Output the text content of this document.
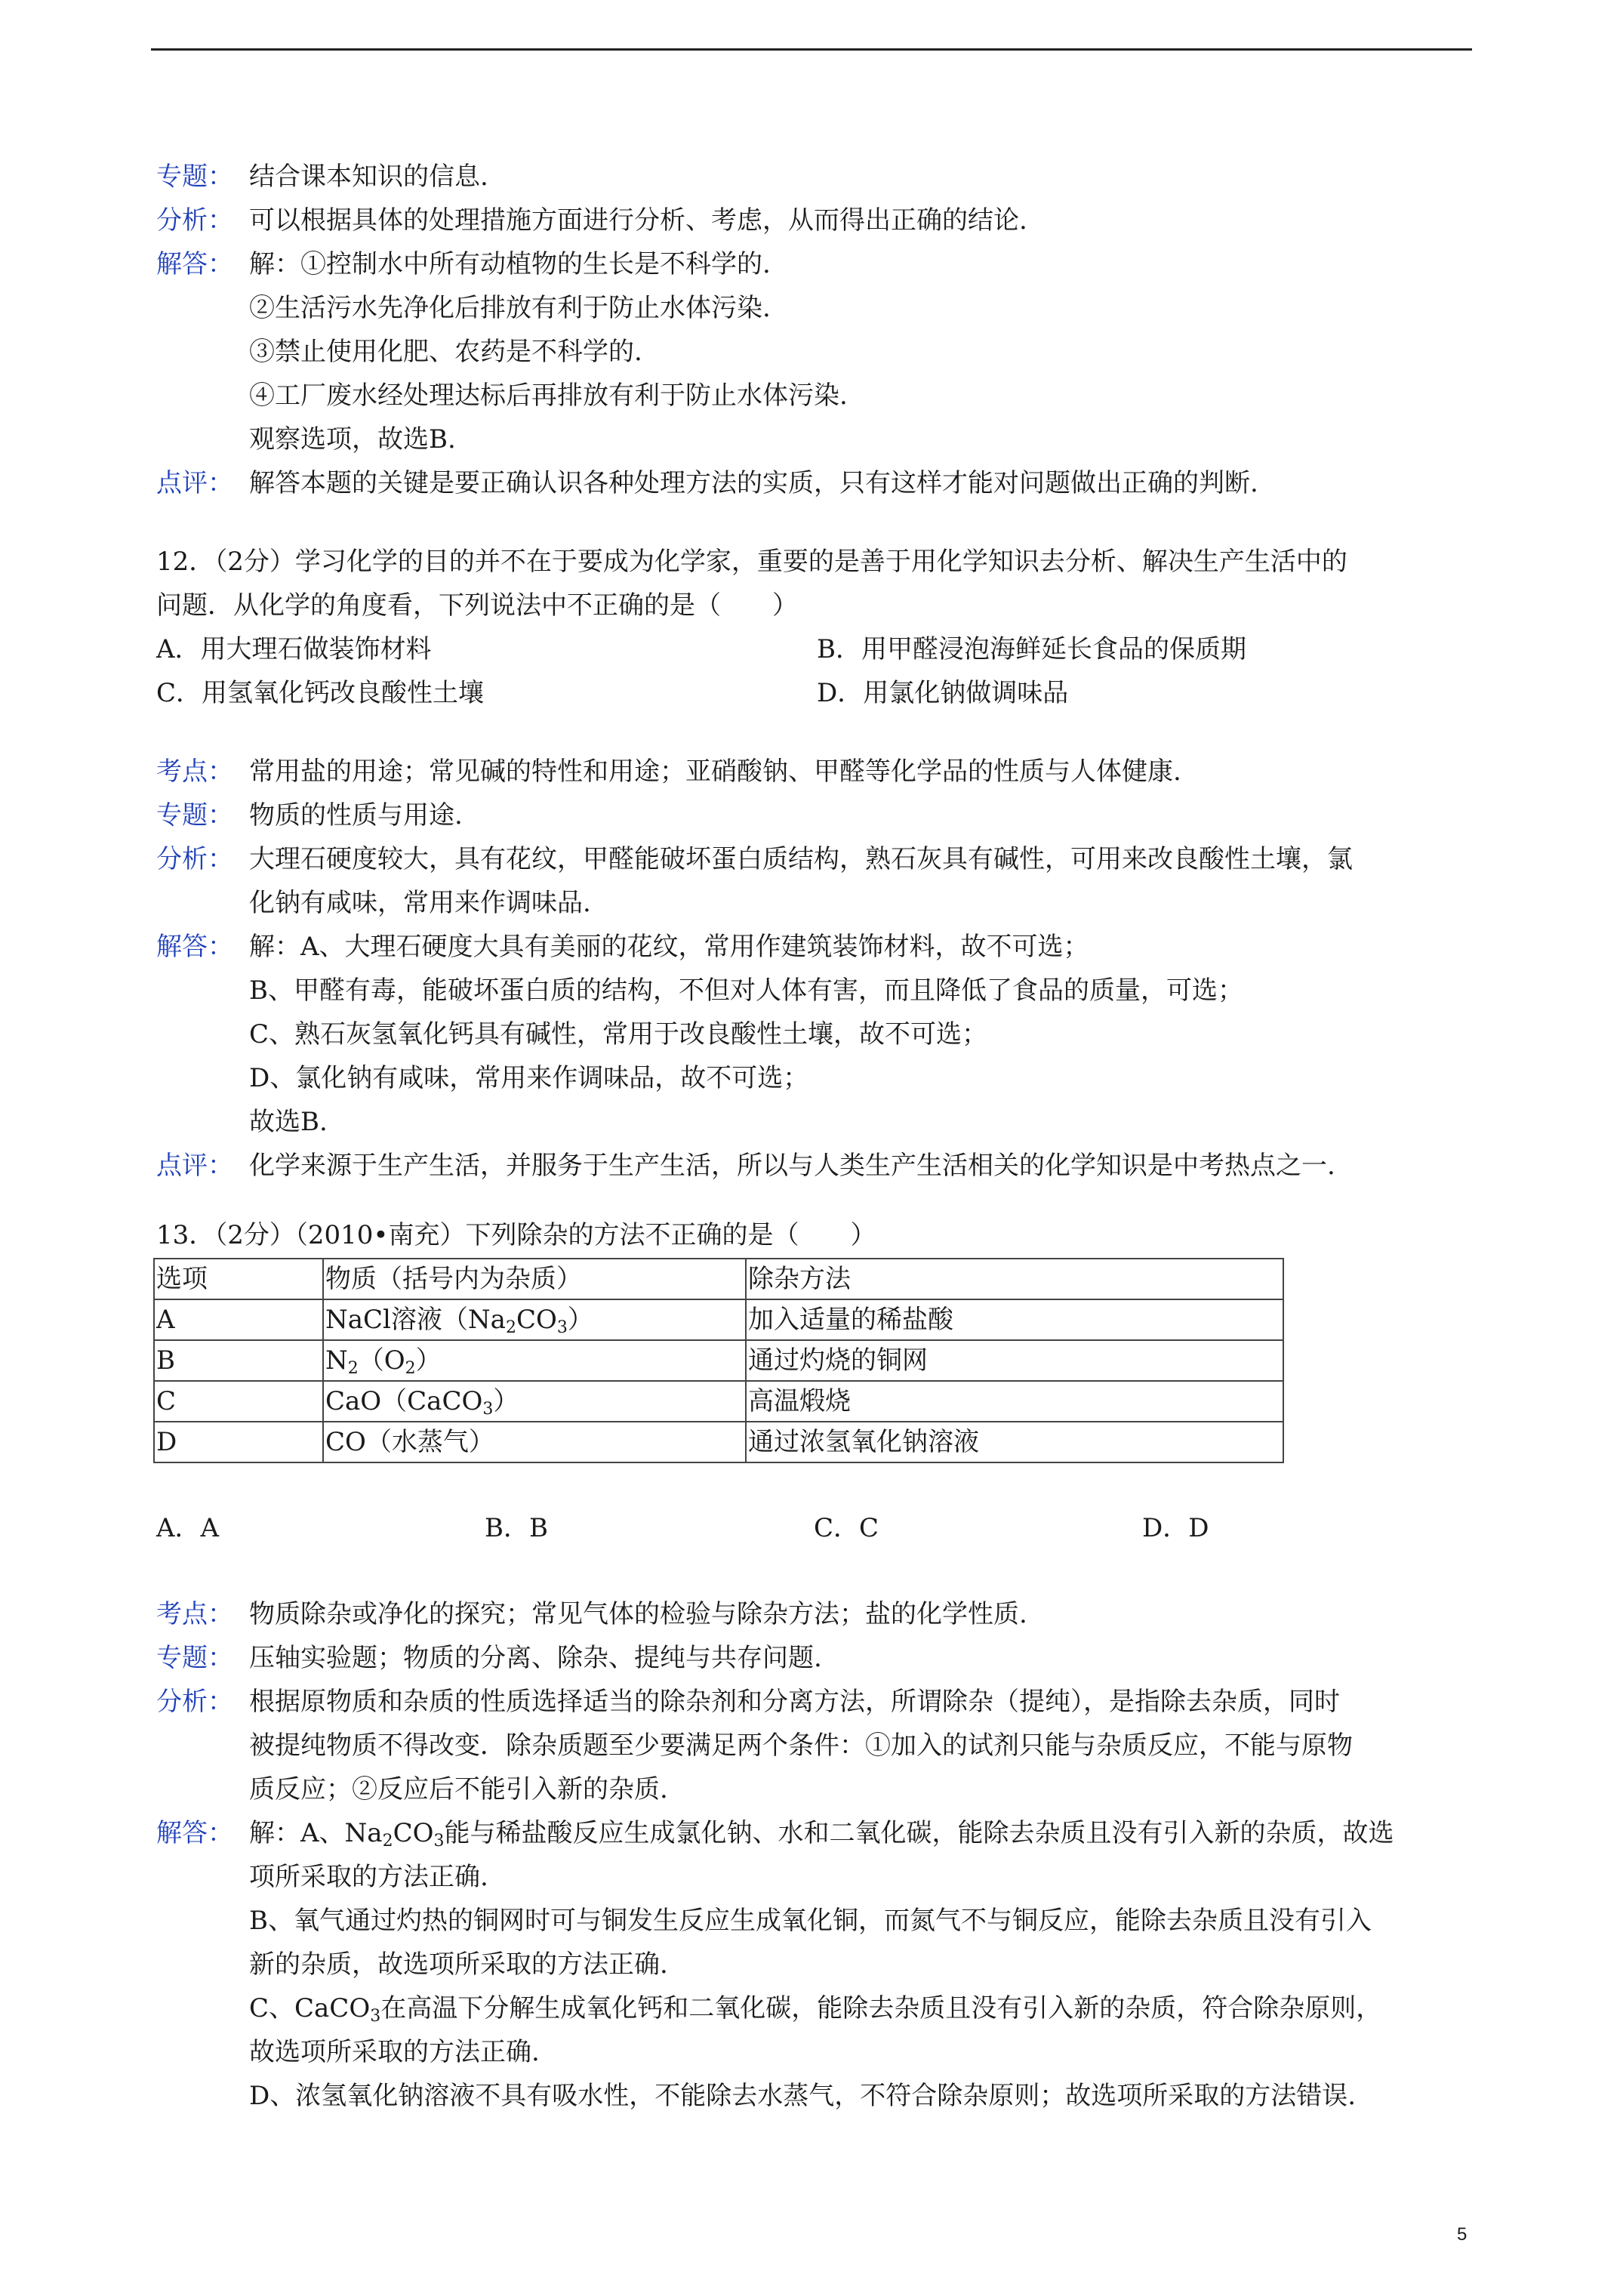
专题： 结合课本知识的信息.
分析： 可以根据具体的处理措施方面进行分析、考虑，从而得出正确的结论.
解答： 解：①控制水中所有动植物的生长是不科学的.
②生活污水先净化后排放有利于防止水体污染.
③禁止使用化肥、农药是不科学的.
④工厂废水经处理达标后再排放有利于防止水体污染.
观察选项，故选B.
点评： 解答本题的关键是要正确认识各种处理方法的实质，只有这样才能对问题做出正确的判断.
12．（2分）学习化学的目的并不在于要成为化学家，重要的是善于用化学知识去分析、解决生产生活中的
问题．从化学的角度看，下列说法中不正确的是（　　）
A．用大理石做装饰材料	B．用甲醛浸泡海鲜延长食品的保质期
C．用氢氧化钙改良酸性土壤	D．用氯化钠做调味品
考点： 常用盐的用途；常见碱的特性和用途；亚硝酸钠、甲醛等化学品的性质与人体健康.
专题： 物质的性质与用途.
分析： 大理石硬度较大，具有花纹，甲醛能破坏蛋白质结构，熟石灰具有碱性，可用来改良酸性土壤，氯
化钠有咸味，常用来作调味品.
解答： 解：A、大理石硬度大具有美丽的花纹，常用作建筑装饰材料，故不可选；
B、甲醛有毒，能破坏蛋白质的结构，不但对人体有害，而且降低了食品的质量，可选；
C、熟石灰氢氧化钙具有碱性，常用于改良酸性土壤，故不可选；
D、氯化钠有咸味，常用来作调味品，故不可选；
故选B.
点评： 化学来源于生产生活，并服务于生产生活，所以与人类生产生活相关的化学知识是中考热点之一.
13．（2分）（2010•南充）下列除杂的方法不正确的是（　　）
选项	物质（括号内为杂质）	除杂方法
A	NaCl溶液$(Na_2CO_3)$	加入适量的稀盐酸
B	$N_2(O_2)$	通过灼烧的铜网
C	CaO（CaCO$_3$）	高温煅烧
D	CO（水蒸气）	通过浓氢氧化钠溶液
A．A	B．B	C．C	D．D
考点： 物质除杂或净化的探究；常见气体的检验与除杂方法；盐的化学性质.
专题： 压轴实验题；物质的分离、除杂、提纯与共存问题.
分析： 根据原物质和杂质的性质选择适当的除杂剂和分离方法，所谓除杂（提纯），是指除去杂质，同时
被提纯物质不得改变．除杂质题至少要满足两个条件：①加入的试剂只能与杂质反应，不能与原物
质反应；②反应后不能引入新的杂质.
解答： 解：A、$Na_2CO_3$能与稀盐酸反应生成氯化钠、水和二氧化碳，能除去杂质且没有引入新的杂质，故选
项所采取的方法正确.
B、氧气通过灼热的铜网时可与铜发生反应生成氧化铜，而氮气不与铜反应，能除去杂质且没有引入
新的杂质，故选项所采取的方法正确.
C、CaCO$_3$在高温下分解生成氧化钙和二氧化碳，能除去杂质且没有引入新的杂质，符合除杂原则，
故选项所采取的方法正确.
D、浓氢氧化钠溶液不具有吸水性，不能除去水蒸气，不符合除杂原则；故选项所采取的方法错误.
5
